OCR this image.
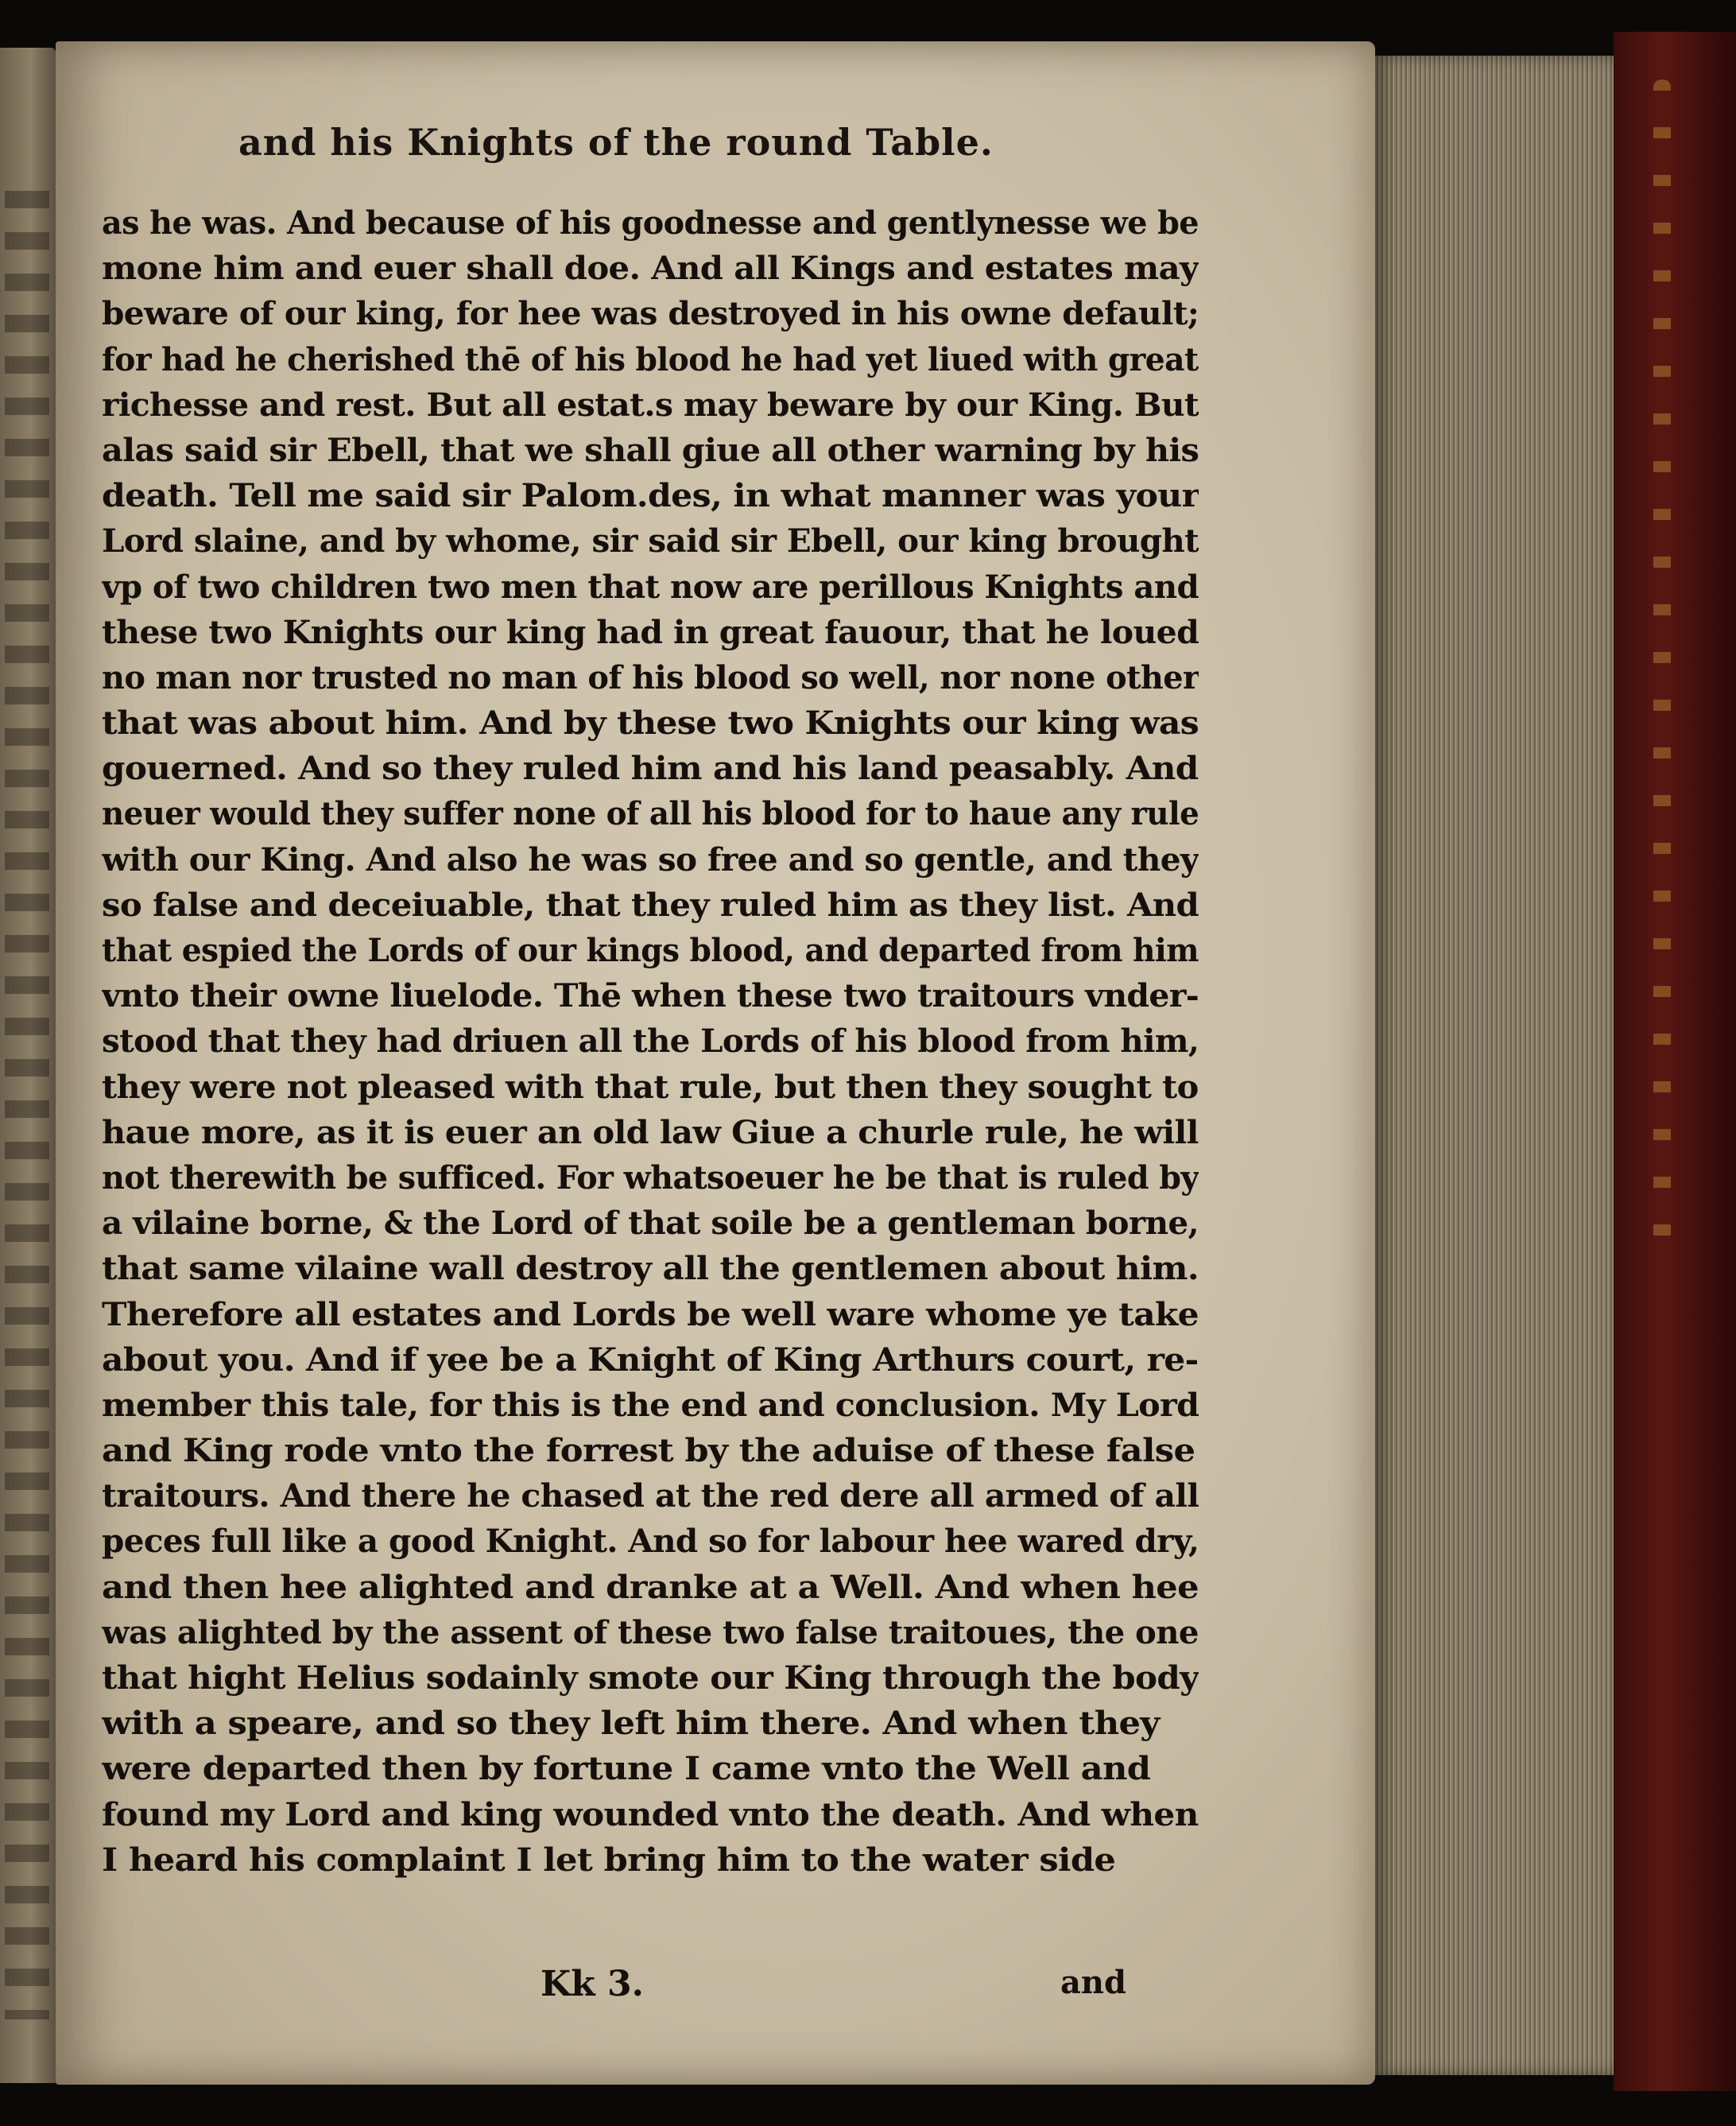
and his Knights of the round Table.
as he was. And because of his goodnesse and gentlynesse we be
mone him and euer shall doe. And all Kings and estates may
beware of our king, for hee was destroyed in his owne default;
for had he cherished thē of his blood he had yet liued with great
richesse and rest. But all estat.s may beware by our King. But
alas said sir Ebell, that we shall giue all other warning by his
death. Tell me said sir Palom.des, in what manner was your
Lord slaine, and by whome, sir said sir Ebell, our king brought
vp of two children two men that now are perillous Knights and
these two Knights our king had in great fauour, that he loued
no man nor trusted no man of his blood so well, nor none other
that was about him. And by these two Knights our king was
gouerned. And so they ruled him and his land peasably. And
neuer would they suffer none of all his blood for to haue any rule
with our King. And also he was so free and so gentle, and they
so false and deceiuable, that they ruled him as they list. And
that espied the Lords of our kings blood, and departed from him
vnto their owne liuelode. Thē when these two traitours vnder-
stood that they had driuen all the Lords of his blood from him,
they were not pleased with that rule, but then they sought to
haue more, as it is euer an old law Giue a churle rule, he will
not therewith be sufficed. For whatsoeuer he be that is ruled by
a vilaine borne, & the Lord of that soile be a gentleman borne,
that same vilaine wall destroy all the gentlemen about him.
Therefore all estates and Lords be well ware whome ye take
about you. And if yee be a Knight of King Arthurs court, re-
member this tale, for this is the end and conclusion. My Lord
and King rode vnto the forrest by the aduise of these false
traitours. And there he chased at the red dere all armed of all
peces full like a good Knight. And so for labour hee wared dry,
and then hee alighted and dranke at a Well. And when hee
was alighted by the assent of these two false traitoues, the one
that hight Helius sodainly smote our King through the body
with a speare, and so they left him there. And when they
were departed then by fortune I came vnto the Well and
found my Lord and king wounded vnto the death. And when
I heard his complaint I let bring him to the water side
Kk 3.	and
